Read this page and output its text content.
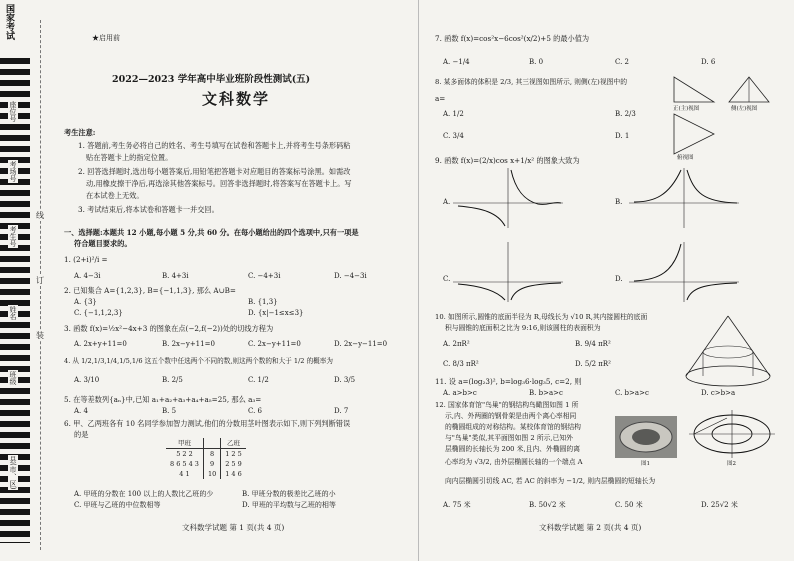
国家考试
座位号
考场号
考生号
姓名
班级
县(市、区)
线
订
装
★启用前
2022—2023 学年高中毕业班阶段性测试(五)
文科数学
考生注意:
1. 答题前,考生务必将自己的姓名、考生号填写在试卷和答题卡上,并将考生号条形码粘
贴在答题卡上的指定位置。
2. 回答选择题时,选出每小题答案后,用铅笔把答题卡对应题目的答案标号涂黑。如需改
动,用橡皮擦干净后,再选涂其他答案标号。回答非选择题时,将答案写在答题卡上。写
在本试卷上无效。
3. 考试结束后,将本试卷和答题卡一并交回。
一、选择题:本题共 12 小题,每小题 5 分,共 60 分。在每小题给出的四个选项中,只有一项是
符合题目要求的。
1. (2+i)²/i =
A. 4−3i	B. 4+3i	C. −4+3i	D. −4−3i
2. 已知集合 A={1,2,3}, B={−1,1,3}, 那么 A∪B=
A. {3}	B. {1,3}
C. {−1,1,2,3}	D. {x|−1≤x≤3}
3. 函数 f(x)=½x²−4x+3 的图象在点(−2,f(−2))处的切线方程为
A. 2x+y+11=0	B. 2x−y+11=0	C. 2x−y+11=0	D. 2x−y−11=0
4. 从 1/2,1/3,1/4,1/5,1/6 这五个数中任选两个不同的数,则这两个数的和大于 1/2 的概率为
A. 3/10	B. 2/5	C. 1/2	D. 3/5
5. 在等差数列{aₙ}中,已知 a₁+a₂+a₃+a₄+a₅=25, 那么 a₃=
A. 4	B. 5	C. 6	D. 7
6. 甲、乙两班各有 10 名同学参加智力测试,他们的分数用茎叶图表示如下,则下列判断错误
的是
甲班		乙班
5 2 2	8	1 2 5
8 6 5 4 3	9	2 5 9
4 1	10	1 4 6
A. 甲班的分数在 100 以上的人数比乙班的少	B. 甲班分数的极差比乙班的小
C. 甲班与乙班的中位数相等	D. 甲班的平均数与乙班的相等
文科数学试题 第 1 页(共 4 页)
7. 函数 f(x)=cos²x−6cos²(x/2)+5 的最小值为
A. −1/4	B. 0	C. 2	D. 6
8. 某多面体的体积是 2/3, 其三视图如图所示, 则侧(左)视图中的
a=
A. 1/2	B. 2/3
C. 3/4	D. 1
正(主)视图	侧(左)视图
俯视图
9. 函数 f(x)=(2/x)cos x+1/x² 的图象大致为
A.	B.
C.	D.
10. 如图所示,圆锥的底面半径为 R,母线长为 √10 R,其内接圆柱的底面
积与圆锥的底面积之比为 9:16,则该圆柱的表面积为
A. 2πR²	B. 9/4 πR²
C. 8/3 πR²	D. 5/2 πR²
11. 设 a=(log₂3)², b=log₃6·log₃5, c=2, 则
A. a>b>c	B. b>a>c	C. b>a>c	D. c>b>a
12. 国家体育馆"鸟巢"的钢结构鸟瞰图如图 1 所
示,内、外两圈的钢骨架是由两个离心率相同
的椭圆组成的对称结构。某校体育馆的钢结构
与"鸟巢"类似,其平面图如图 2 所示,已知外
层椭圆的长轴长为 200 米,且内、外椭圆的离
心率均为 √3/2, 由外层椭圆长轴的一个端点 A
向内层椭圆引切线 AC, 若 AC 的斜率为 −1/2, 则内层椭圆的短轴长为
图1	图2
A. 75 米	B. 50√2 米	C. 50 米	D. 25√2 米
文科数学试题 第 2 页(共 4 页)
